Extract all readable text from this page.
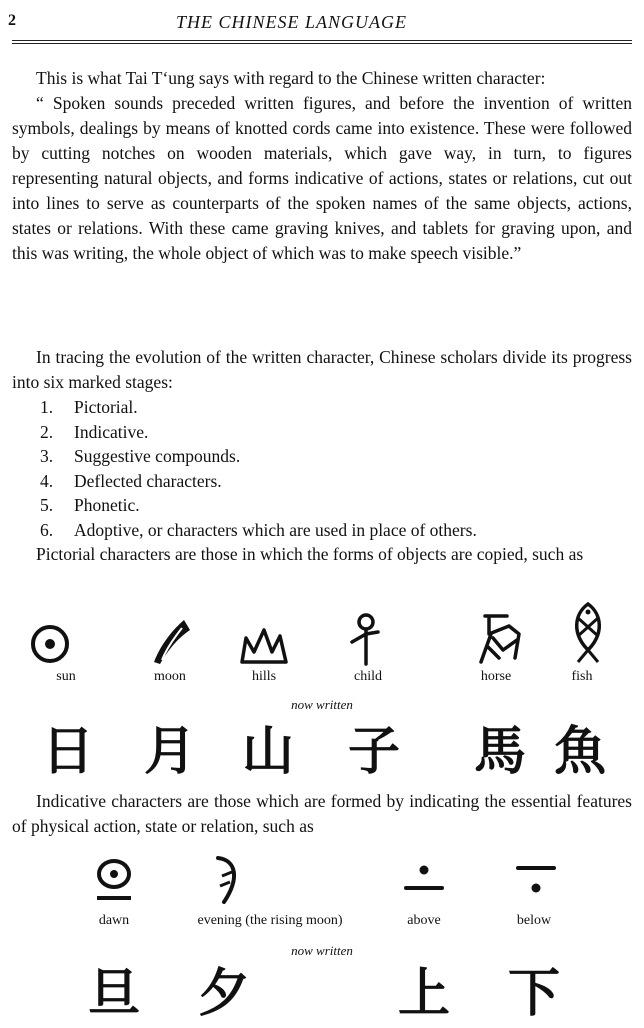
2	THE CHINESE LANGUAGE

This is what Tai T‘ung says with regard to the Chinese written character:

“ Spoken sounds preceded written figures, and before the invention of written symbols, dealings by means of knotted cords came into existence. These were followed by cutting notches on wooden materials, which gave way, in turn, to figures representing natural objects, and forms indicative of actions, states or relations, cut out into lines to serve as counterparts of the spoken names of the same objects, actions, states or relations. With these came graving knives, and tablets for graving upon, and this was writing, the whole object of which was to make speech visible.”

In tracing the evolution of the written character, Chinese scholars divide its progress into six marked stages:

1. Pictorial.
2. Indicative.
3. Suggestive compounds.
4. Deflected characters.
5. Phonetic.
6. Adoptive, or characters which are used in place of others.

Pictorial characters are those in which the forms of objects are copied, such as

sun	moon	hills	child	horse	fish
now written
日 月 山 子 馬 魚

Indicative characters are those which are formed by indicating the essential features of physical action, state or relation, such as

dawn	evening (the rising moon)	above	below
now written
旦 夕	上 下
